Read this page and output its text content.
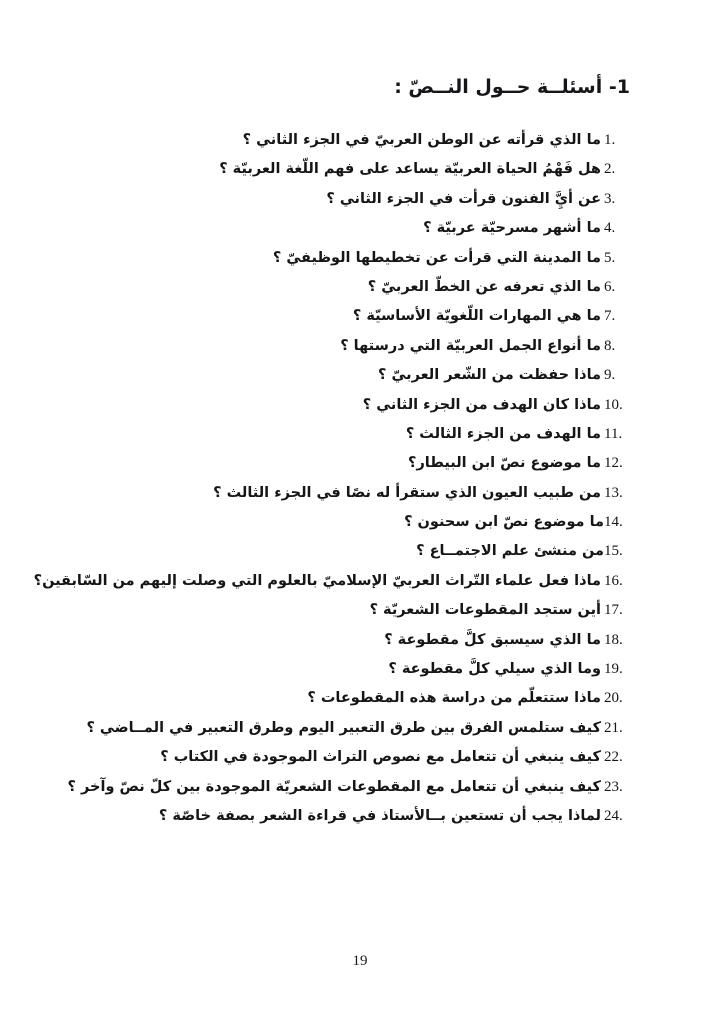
1- أسئلــة حــول النــصّ :
1.ما الذي قرأته عن الوطن العربيّ في الجزء الثاني ؟
2.هل فَهْمُ الحياة العربيّة يساعد على فهم اللّغة العربيّة ؟
3.عن أيَِّ الفنون قرأت في الجزء الثاني ؟
4.ما أشهر مسرحيّة عربيّة ؟
5.ما المدينة التي قرأت عن تخطيطها الوظيفيّ ؟
6.ما الذي تعرفه عن الخطّ العربيّ ؟
7.ما هي المهارات اللّغويّة الأساسيّة ؟
8.ما أنواع الجمل العربيّة التي درستها ؟
9.ماذا حفظت من الشّعر العربيّ ؟
10.ماذا كان الهدف من الجزء الثاني ؟
11.ما الهدف من الجزء الثالث ؟
12.ما موضوع نصّ ابن البيطار؟
13.من طبيب العيون الذي ستقرأ له نصًا في الجزء الثالث ؟
14.ما موضوع نصّ ابن سحنون ؟
15.من منشئ علم الاجتمــاع ؟
16.ماذا فعل علماء التّراث العربيّ الإسلاميّ بالعلوم التي وصلت إليهم من السّابقين؟
17.أين ستجد المقطوعات الشعريّة ؟
18.ما الذي سيسبق كلَّ مقطوعة ؟
19.وما الذي سيلي كلَّ مقطوعة ؟
20.ماذا ستتعلّم من دراسة هذه المقطوعات ؟
21.كيف ستلمس الفرق بين طرق التعبير اليوم وطرق التعبير في المــاضي ؟
22.كيف ينبغي أن تتعامل مع نصوص التراث الموجودة في الكتاب ؟
23.كيف ينبغي أن تتعامل مع المقطوعات الشعريّة الموجودة بين كلّ نصّ وآخر ؟
24.لماذا يجب أن تستعين بــالأستاذ في قراءة الشعر بصفة خاصّة ؟
19
